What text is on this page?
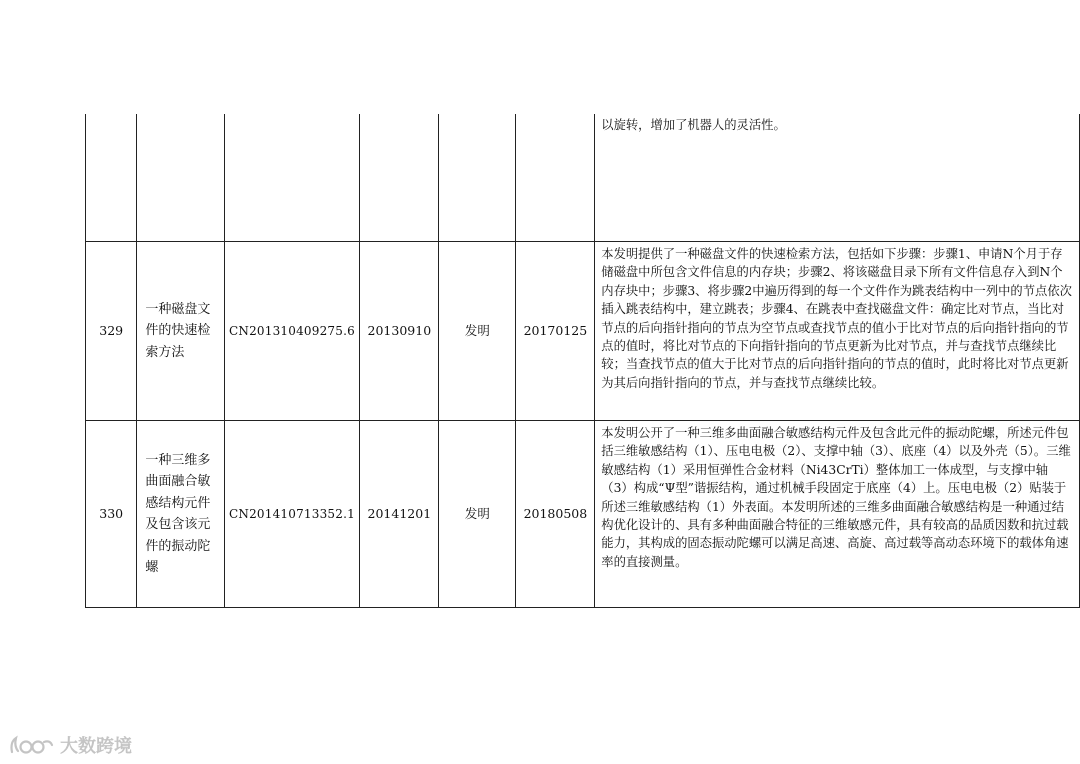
						以旋转，增加了机器人的灵活性。
329	一种磁盘文件的快速检索方法	CN201310409275.6	20130910	发明	20170125	本发明提供了一种磁盘文件的快速检索方法，包括如下步骤：步骤1、申请N个月于存储磁盘中所包含文件信息的内存块；步骤2、将该磁盘目录下所有文件信息存入到N个内存块中；步骤3、将步骤2中遍历得到的每一个文件作为跳表结构中一列中的节点依次插入跳表结构中，建立跳表；步骤4、在跳表中查找磁盘文件：确定比对节点，当比对节点的后向指针指向的节点为空节点或查找节点的值小于比对节点的后向指针指向的节点的值时，将比对节点的下向指针指向的节点更新为比对节点，并与查找节点继续比较；当查找节点的值大于比对节点的后向指针指向的节点的值时，此时将比对节点更新为其后向指针指向的节点，并与查找节点继续比较。
330	一种三维多曲面融合敏感结构元件及包含该元件的振动陀螺	CN201410713352.1	20141201	发明	20180508	本发明公开了一种三维多曲面融合敏感结构元件及包含此元件的振动陀螺，所述元件包括三维敏感结构（1）、压电电极（2）、支撑中轴（3）、底座（4）以及外壳（5）。三维敏感结构（1）采用恒弹性合金材料（Ni43CrTi）整体加工一体成型，与支撑中轴（3）构成“Ψ型”谐振结构，通过机械手段固定于底座（4）上。压电电极（2）贴装于所述三维敏感结构（1）外表面。本发明所述的三维多曲面融合敏感结构是一种通过结构优化设计的、具有多种曲面融合特征的三维敏感元件，具有较高的品质因数和抗过载能力，其构成的固态振动陀螺可以满足高速、高旋、高过载等高动态环境下的载体角速率的直接测量。
大数跨境
